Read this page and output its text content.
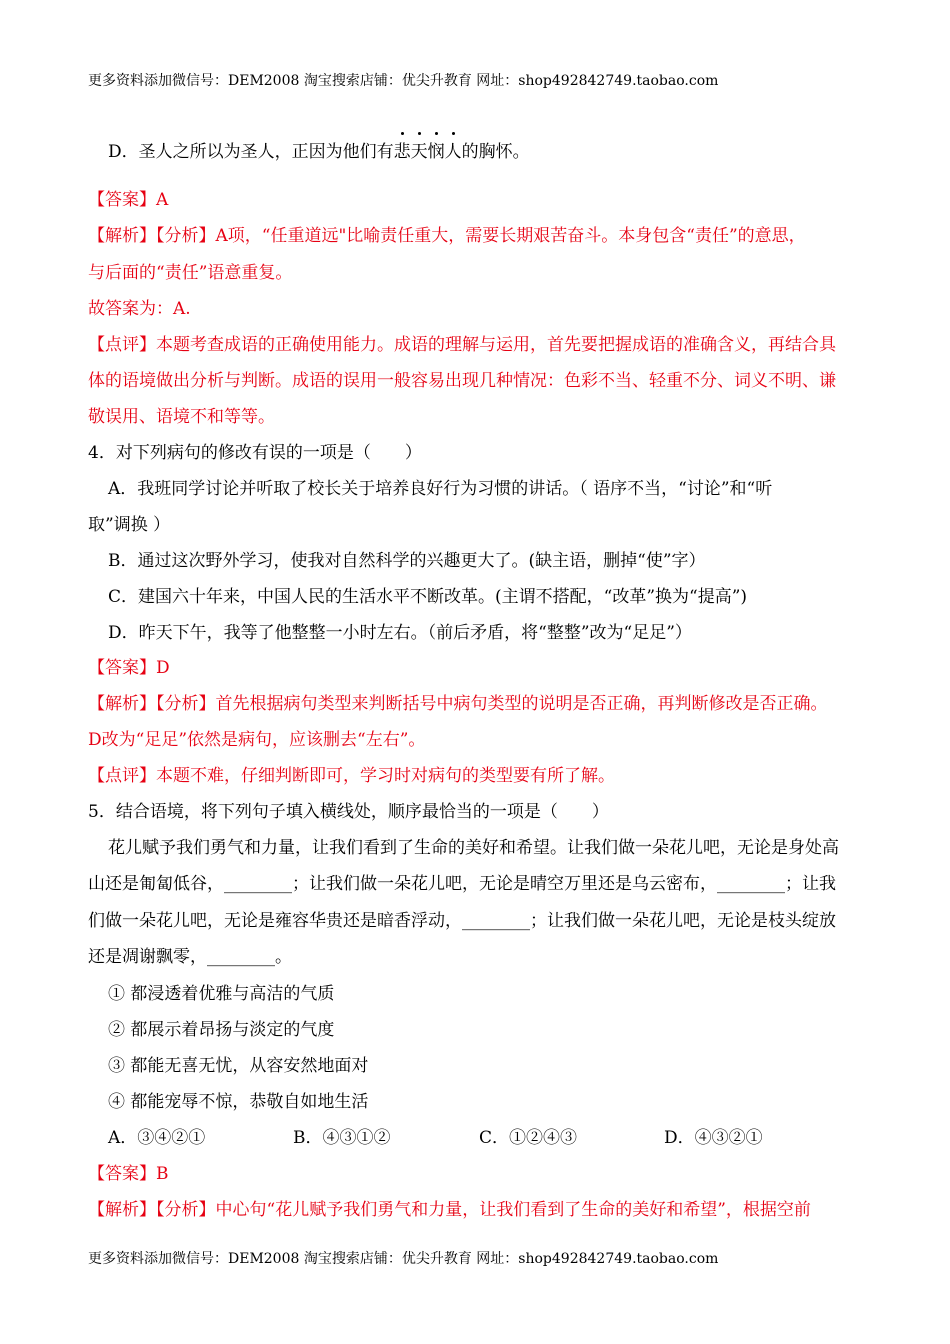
更多资料添加微信号：DEM2008 淘宝搜索店铺：优尖升教育 网址：shop492842749.taobao.com
D．圣人之所以为圣人，正因为他们有悲天悯人
的胸怀。
【答案】A
【解析】【分析】A项，“任重道远"比喻责任重大，需要长期艰苦奋斗。本身包含“责任”的意思，
与后面的“责任”语意重复。
故答案为：A.
【点评】本题考查成语的正确使用能力。成语的理解与运用，首先要把握成语的准确含义，再结合具
体的语境做出分析与判断。成语的误用一般容易出现几种情况：色彩不当、轻重不分、词义不明、谦
敬误用、语境不和等等。
4．对下列病句的修改有误的一项是（　　）
A．我班同学讨论并听取了校长关于培养良好行为习惯的讲话。（ 语序不当，“讨论”和“听
取”调换 ）
B．通过这次野外学习，使我对自然科学的兴趣更大了。(缺主语，删掉“使”字）
C．建国六十年来，中国人民的生活水平不断改革。(主谓不搭配，“改革”换为“提高”)
D．昨天下午，我等了他整整一小时左右。（前后矛盾，将“整整”改为“足足”）
【答案】D
【解析】【分析】首先根据病句类型来判断括号中病句类型的说明是否正确，再判断修改是否正确。
D改为“足足”依然是病句，应该删去“左右”。
【点评】本题不难，仔细判断即可，学习时对病句的类型要有所了解。
5．结合语境，将下列句子填入横线处，顺序最恰当的一项是（　　）
花儿赋予我们勇气和力量，让我们看到了生命的美好和希望。让我们做一朵花儿吧，无论是身处高
山还是匍匐低谷，________；让我们做一朵花儿吧，无论是晴空万里还是乌云密布，________；让我
们做一朵花儿吧，无论是雍容华贵还是暗香浮动，________；让我们做一朵花儿吧，无论是枝头绽放
还是凋谢飘零，________。
① 都浸透着优雅与高洁的气质
② 都展示着昂扬与淡定的气度
③ 都能无喜无忧，从容安然地面对
④ 都能宠辱不惊，恭敬自如地生活
A．③④②①	B．④③①②	C．①②④③	D．④③②①
【答案】B
【解析】【分析】中心句“花儿赋予我们勇气和力量，让我们看到了生命的美好和希望”，根据空前
更多资料添加微信号：DEM2008 淘宝搜索店铺：优尖升教育 网址：shop492842749.taobao.com
